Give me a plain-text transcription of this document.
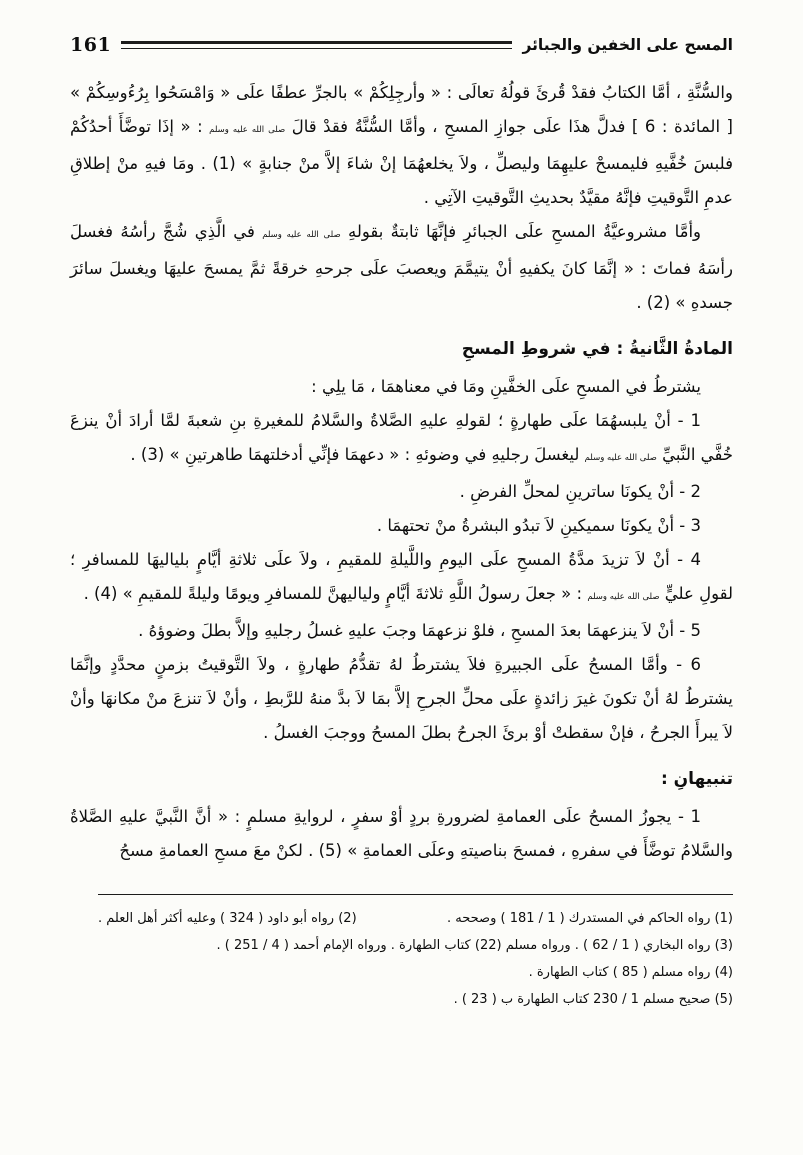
161	المسح على الخفين والجبائر

والسُّنَّةِ ، أمَّا الكتابُ فقدْ قُرئَ قولُهُ تعالَى : « وأرجِلِكُمْ » بالجرِّ عطفًا علَى « وَامْسَحُوا بِرُءُوسِكُمْ » [ المائدة : 6 ] فدلَّ هذَا علَى جوازِ المسحِ ، وأمَّا السُّنَّةُ فقدْ قالَ صلى الله عليه وسلم : « إذَا توضَّأَ أحدُكُمْ فلبسَ خُفَّيهِ فليمسحْ عليهِمَا وليصلِّ ، ولاَ يخلعهُمَا إنْ شاءَ إلاَّ منْ جنابةٍ » (1) . ومَا فيهِ منْ إطلاقِ عدمِ التَّوقيتِ فإنَّهُ مقيَّدٌ بحديثِ التَّوقيتِ الآتِي .

وأمَّا مشروعيَّةُ المسحِ علَى الجبائرِ فإنَّهَا ثابتةٌ بقولهِ صلى الله عليه وسلم في الَّذِي شُجَّ رأسُهُ فغسلَ رأسَهُ فماتَ : « إنَّمَا كانَ يكفيهِ أنْ يتيمَّمَ ويعصبَ علَى جرحهِ خرقةً ثمَّ يمسحَ عليهَا ويغسلَ سائرَ جسدهِ » (2) .

المادةُ الثَّانيةُ : في شروطِ المسحِ

يشترطُ في المسحِ علَى الخفَّينِ ومَا في معناهمَا ، مَا يلِي :

1 - أنْ يلبسهُمَا علَى طهارةٍ ؛ لقولهِ عليهِ الصَّلاةُ والسَّلامُ للمغيرةِ بنِ شعبةَ لمَّا أرادَ أنْ ينزعَ خُفَّي النَّبيِّ صلى الله عليه وسلم ليغسلَ رجليهِ في وضوئهِ : « دعهمَا فإنِّي أدخلتهمَا طاهرتينِ » (3) .

2 - أنْ يكونَا ساترينِ لمحلِّ الفرضِ .

3 - أنْ يكونَا سميكينِ لاَ تبدُو البشرةُ منْ تحتهمَا .

4 - أنْ لاَ تزيدَ مدَّةُ المسحِ علَى اليومِ واللَّيلةِ للمقيمِ ، ولاَ علَى ثلاثةِ أيَّامٍ بلياليهَا للمسافرِ ؛ لقولِ عليٍّ صلى الله عليه وسلم : « جعلَ رسولُ اللَّهِ ثلاثةَ أيَّامٍ ولياليهنَّ للمسافرِ ويومًا وليلةً للمقيمِ » (4) .

5 - أنْ لاَ ينزعهمَا بعدَ المسحِ ، فلوْ نزعهمَا وجبَ عليهِ غسلُ رجليهِ وإلاَّ بطلَ وضوؤهُ .

6 - وأمَّا المسحُ علَى الجبيرةِ فلاَ يشترطُ لهُ تقدُّمُ طهارةٍ ، ولاَ التَّوقيتُ بزمنٍ محدَّدٍ وإنَّمَا يشترطُ لهُ أنْ تكونَ غيرَ زائدةٍ علَى محلِّ الجرحِ إلاَّ بمَا لاَ بدَّ منهُ للرَّبطِ ، وأنْ لاَ تنزعَ منْ مكانهَا وأنْ لاَ يبرأَ الجرحُ ، فإنْ سقطتْ أوْ برئَ الجرحُ بطلَ المسحُ ووجبَ الغسلُ .

تنبيهانِ :

1 - يجوزُ المسحُ علَى العمامةِ لضرورةِ بردٍ أوْ سفرٍ ، لروايةِ مسلمٍ : « أنَّ النَّبيَّ عليهِ الصَّلاةُ والسَّلامُ توضَّأَ في سفرهِ ، فمسحَ بناصيتهِ وعلَى العمامةِ » (5) . لكنْ معَ مسحِ العمامةِ مسحُ

(1) رواه الحاكم في المستدرك ( 1 / 181 ) وصححه .
(2) رواه أبو داود ( 324 ) وعليه أكثر أهل العلم .
(3) رواه البخاري ( 1 / 62 ) . ورواه مسلم (22) كتاب الطهارة . ورواه الإمام أحمد ( 4 / 251 ) .
(4) رواه مسلم ( 85 ) كتاب الطهارة .
(5) صحيح مسلم 1 / 230 كتاب الطهارة ب ( 23 ) .
